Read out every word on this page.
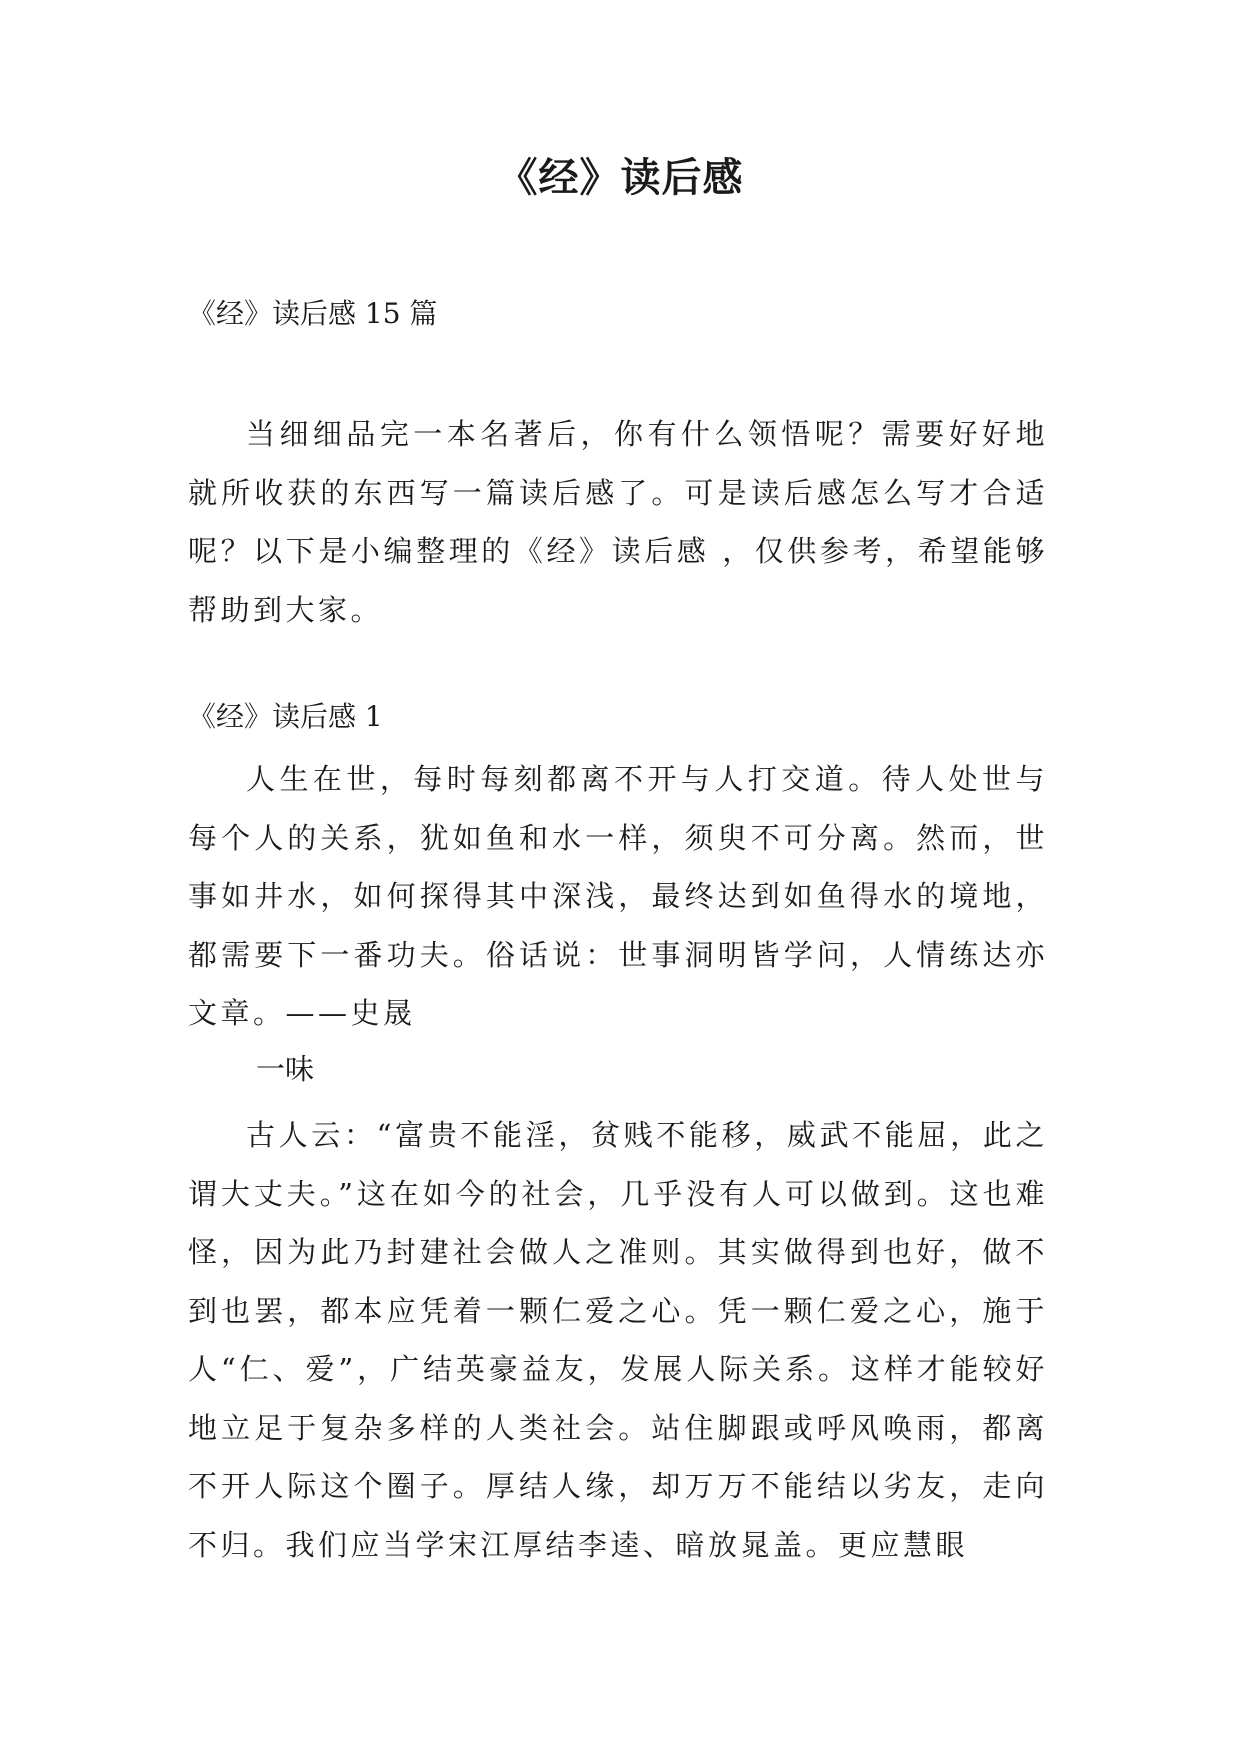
《经》读后感
《经》读后感 15 篇
当细细品完一本名著后，你有什么领悟呢？需要好好地就所收获的东西写一篇读后感了。可是读后感怎么写才合适呢？以下是小编整理的《经》读后感 ，仅供参考，希望能够帮助到大家。
《经》读后感 1
人生在世，每时每刻都离不开与人打交道。待人处世与每个人的关系，犹如鱼和水一样，须臾不可分离。然而，世事如井水，如何探得其中深浅，最终达到如鱼得水的境地，都需要下一番功夫。俗话说：世事洞明皆学问，人情练达亦文章。——史晟
一味
古人云：“富贵不能淫，贫贱不能移，威武不能屈，此之谓大丈夫。”这在如今的社会，几乎没有人可以做到。这也难怪，因为此乃封建社会做人之准则。其实做得到也好，做不到也罢，都本应凭着一颗仁爱之心。凭一颗仁爱之心，施于人“仁、爱”，广结英豪益友，发展人际关系。这样才能较好地立足于复杂多样的人类社会。站住脚跟或呼风唤雨，都离不开人际这个圈子。厚结人缘，却万万不能结以劣友，走向不归。我们应当学宋江厚结李逵、暗放晁盖。更应慧眼
